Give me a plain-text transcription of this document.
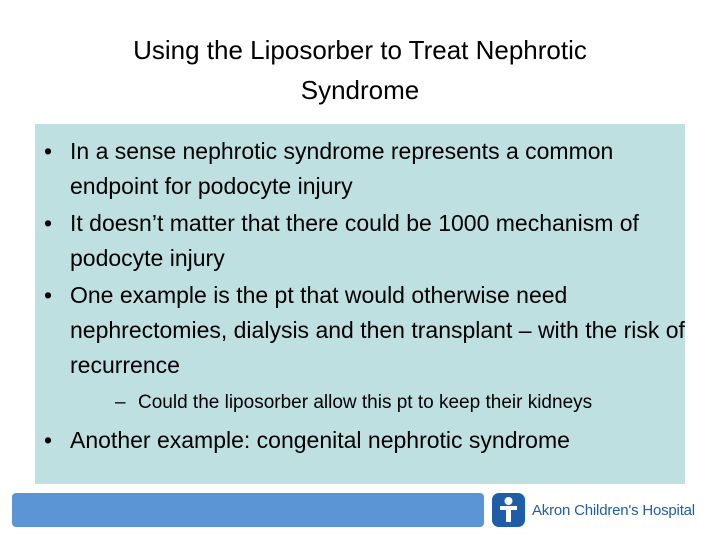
Using the Liposorber to Treat Nephrotic
Syndrome
• In a sense nephrotic syndrome represents a common endpoint for podocyte injury
• It doesn’t matter that there could be 1000 mechanism of podocyte injury
• One example is the pt that would otherwise need nephrectomies, dialysis and then transplant – with the risk of recurrence
– Could the liposorber allow this pt to keep their kidneys
• Another example: congenital nephrotic syndrome
Akron Children's Hospital
